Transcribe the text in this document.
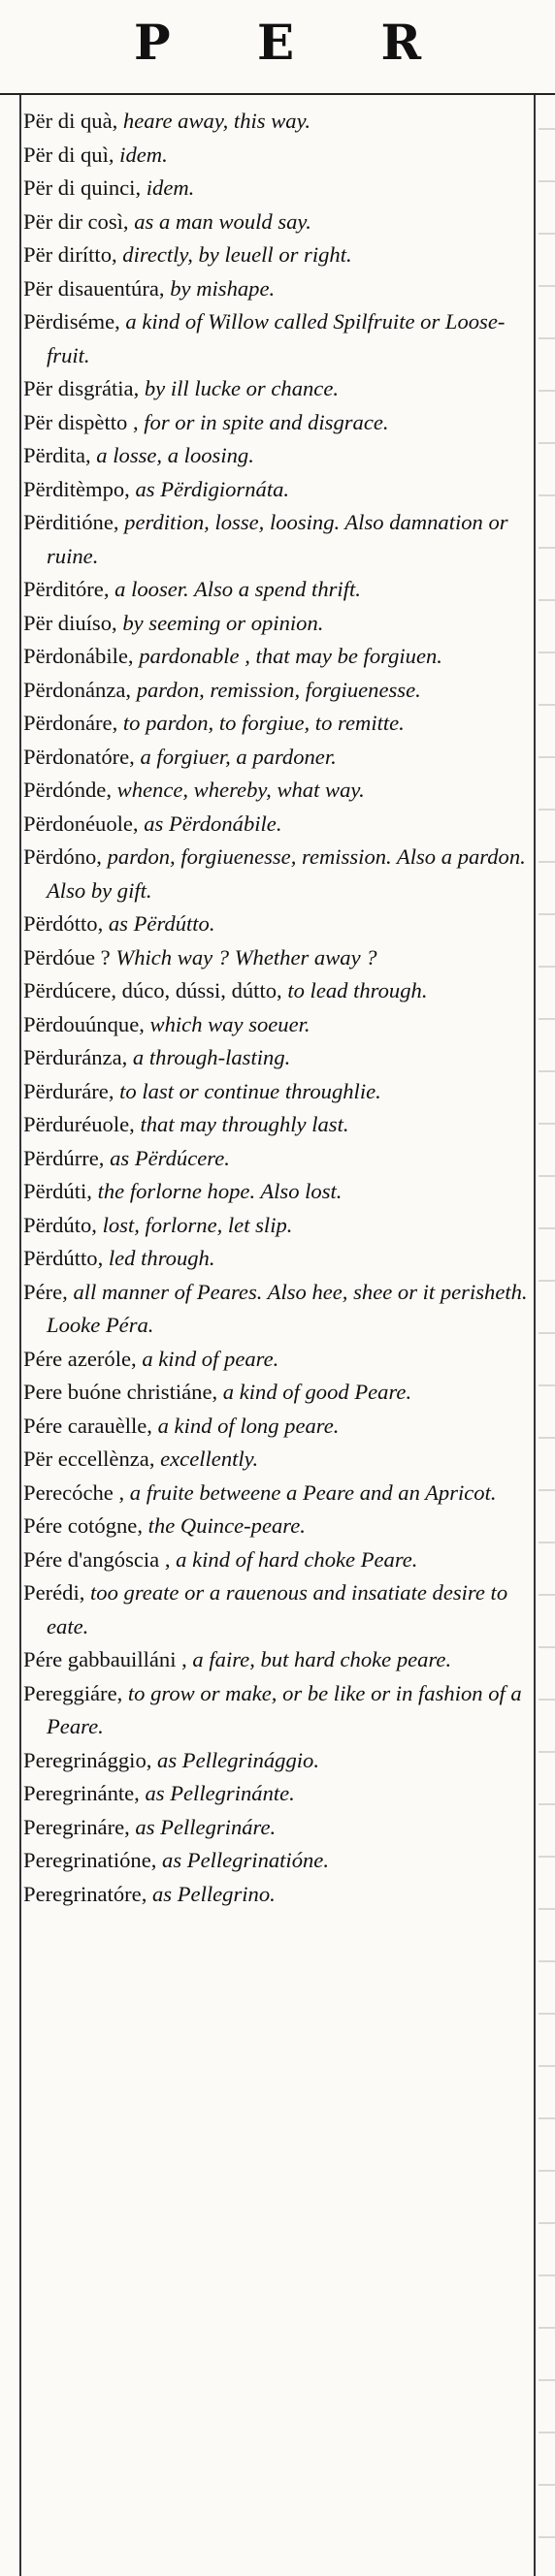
P E R
Për di quà, heare away, this way.
Për di quì, idem.
Për di quinci, idem.
Për dir così, as a man would say.
Për dirítto, directly, by leuell or right.
Për disauentúra, by mishape.
Përdiséme, a kind of Willow called Spilfruite or Loose-fruit.
Për disgrátia, by ill lucke or chance.
Për dispètto , for or in spite and disgrace.
Përdita, a losse, a loosing.
Përditèmpo, as Përdigiornáta.
Përditióne, perdition, losse, loosing. Also damnation or ruine.
Përditóre, a looser. Also a spend thrift.
Për diuíso, by seeming or opinion.
Përdonábile, pardonable , that may be forgiuen.
Përdonánza, pardon, remission, forgiuenesse.
Përdonáre, to pardon, to forgiue, to remitte.
Përdonatóre, a forgiuer, a pardoner.
Përdónde, whence, whereby, what way.
Përdonéuole, as Përdonábile.
Përdóno, pardon, forgiuenesse, remission. Also a pardon. Also by gift.
Përdótto, as Përdútto.
Përdóue ? Which way ? Whether away ?
Përdúcere, dúco, dússi, dútto, to lead through.
Përdouúnque, which way soeuer.
Përduránza, a through-lasting.
Përduráre, to last or continue throughlie.
Përduréuole, that may throughly last.
Përdúrre, as Përdúcere.
Përdúti, the forlorne hope. Also lost.
Përdúto, lost, forlorne, let slip.
Përdútto, led through.
Pére, all manner of Peares. Also hee, shee or it perisheth. Looke Péra.
Pére azeróle, a kind of peare.
Pere buóne christiáne, a kind of good Peare.
Pére carauèlle, a kind of long peare.
Për eccellènza, excellently.
Perecóche , a fruite betweene a Peare and an Apricot.
Pére cotógne, the Quince-peare.
Pére d'angóscia , a kind of hard choke Peare.
Perédi, too greate or a rauenous and insatiate desire to eate.
Pére gabbauilláni , a faire, but hard choke peare.
Pereggiáre, to grow or make, or be like or in fashion of a Peare.
Peregrinággio, as Pellegrinággio.
Peregrinánte, as Pellegrinánte.
Peregrináre, as Pellegrináre.
Peregrinatióne, as Pellegrinatióne.
Peregrinatóre, as Pellegrino.
